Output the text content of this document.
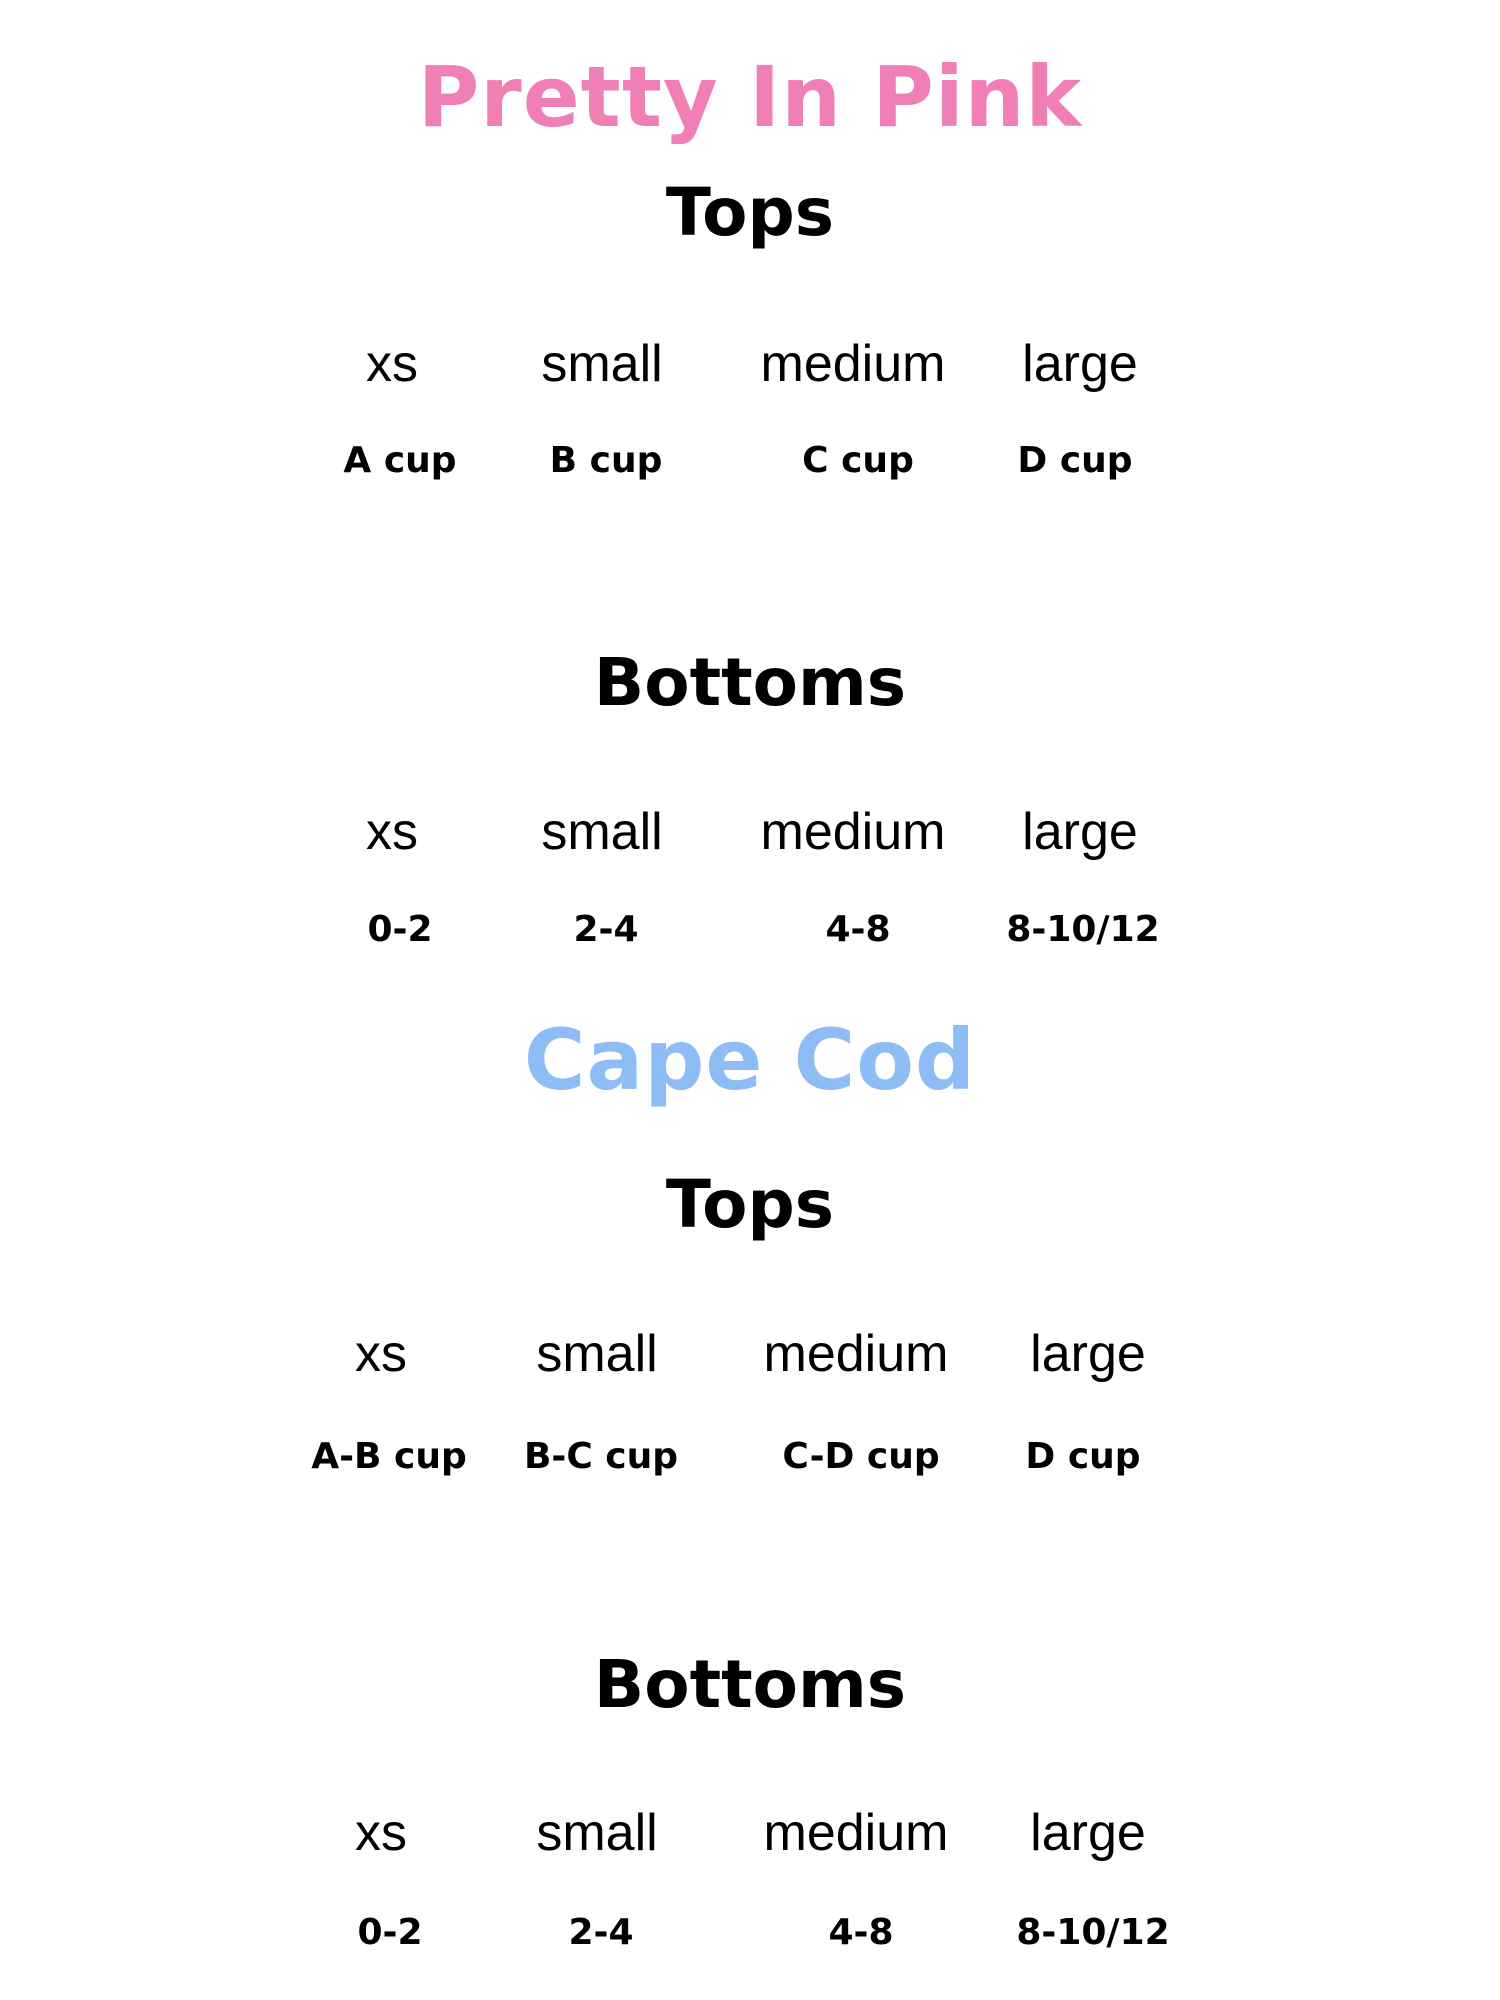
Pretty In Pink
Tops
xs	small	medium	large
A cup	B cup	C cup	D cup
Bottoms
xs	small	medium	large
0-2	2-4	4-8	8-10/12
Cape Cod
Tops
xs	small	medium	large
A-B cup	B-C cup	C-D cup	D cup
Bottoms
xs	small	medium	large
0-2	2-4	4-8	8-10/12
